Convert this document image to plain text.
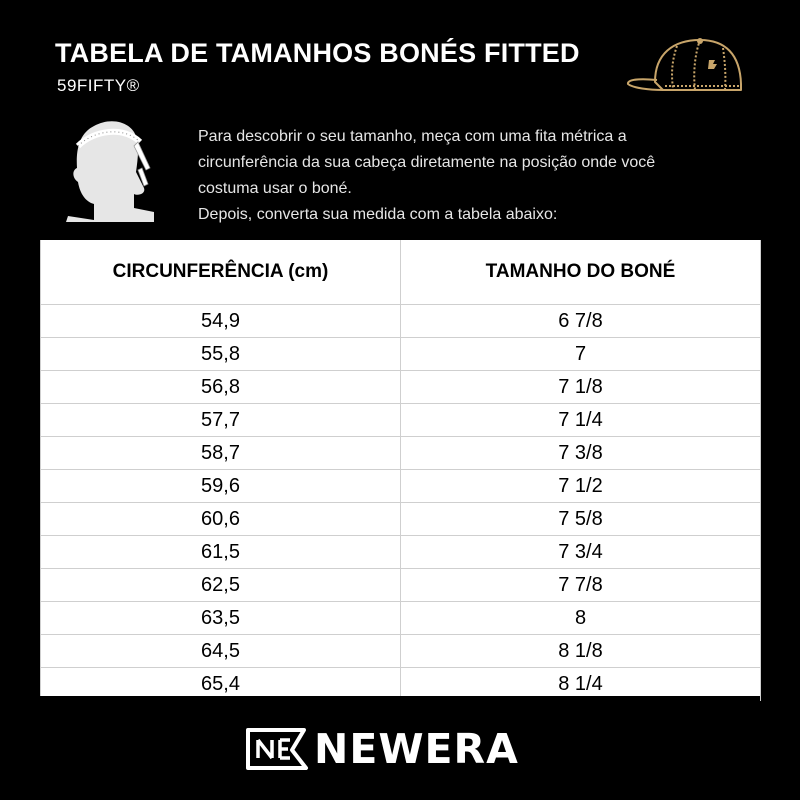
TABELA DE TAMANHOS BONÉS FITTED
59FIFTY®
Para descobrir o seu tamanho, meça com uma fita métrica a
circunferência da sua cabeça diretamente na posição onde você
costuma usar o boné.
Depois, converta sua medida com a tabela abaixo:
CIRCUNFERÊNCIA (cm)	TAMANHO DO BONÉ
54,9	6 7/8
55,8	7
56,8	7 1/8
57,7	7 1/4
58,7	7 3/8
59,6	7 1/2
60,6	7 5/8
61,5	7 3/4
62,5	7 7/8
63,5	8
64,5	8 1/8
65,4	8 1/4
NEWERA
